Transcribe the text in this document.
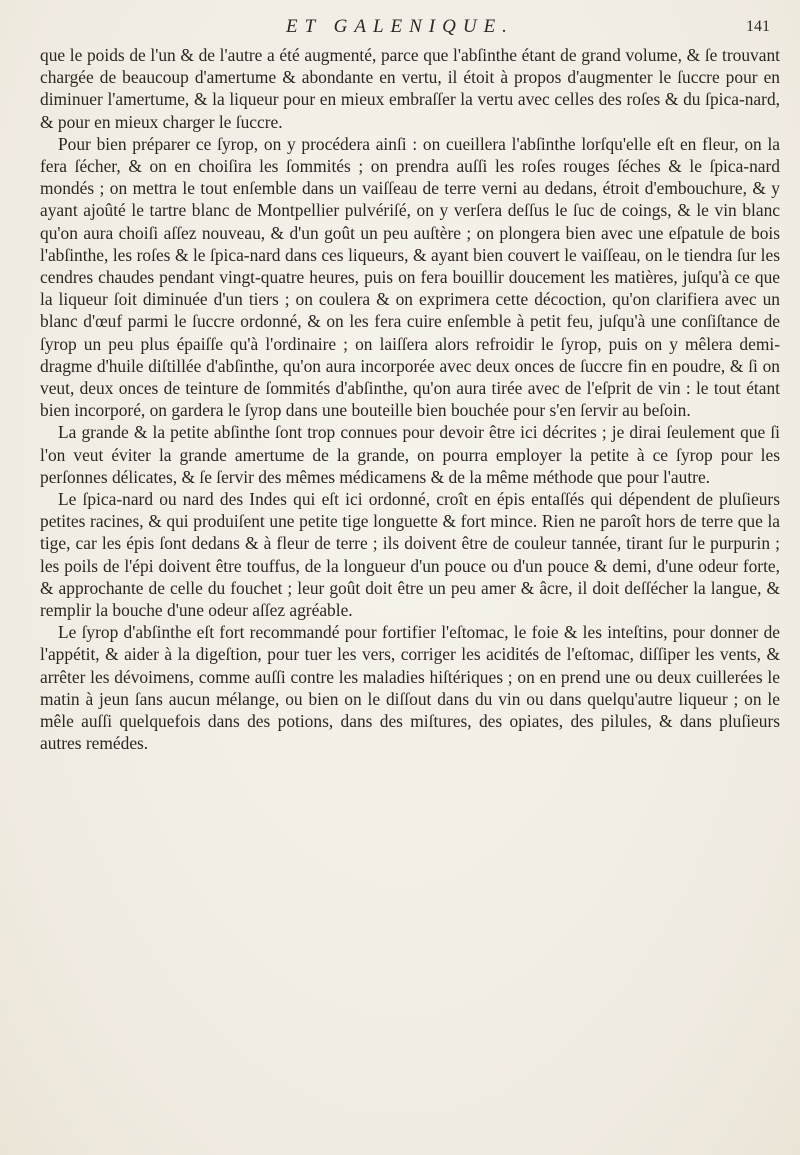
ET GALENIQUE.	141

que le poids de l'un & de l'autre a été augmenté, parce que l'abſinthe étant de grand volume, & ſe trouvant chargée de beaucoup d'amertume & abondante en vertu, il étoit à propos d'augmenter le ſuccre pour en diminuer l'amertume, & la liqueur pour en mieux embraſſer la vertu avec celles des roſes & du ſpica-nard, & pour en mieux charger le ſuccre.

Pour bien préparer ce ſyrop, on y procédera ainſi : on cueillera l'abſinthe lorſqu'elle eſt en fleur, on la fera ſécher, & on en choiſira les ſommités ; on prendra auſſi les roſes rouges ſéches & le ſpica-nard mondés ; on mettra le tout enſemble dans un vaiſſeau de terre verni au dedans, étroit d'embouchure, & y ayant ajoûté le tartre blanc de Montpellier pulvériſé, on y verſera deſſus le ſuc de coings, & le vin blanc qu'on aura choiſi aſſez nouveau, & d'un goût un peu auſtère ; on plongera bien avec une eſpatule de bois l'abſinthe, les roſes & le ſpica-nard dans ces liqueurs, & ayant bien couvert le vaiſſeau, on le tiendra ſur les cendres chaudes pendant vingt-quatre heures, puis on fera bouillir doucement les matières, juſqu'à ce que la liqueur ſoit diminuée d'un tiers ; on coulera & on exprimera cette décoction, qu'on clarifiera avec un blanc d'œuf parmi le ſuccre ordonné, & on les fera cuire enſemble à petit feu, juſqu'à une conſiſtance de ſyrop un peu plus épaiſſe qu'à l'ordinaire ; on laiſſera alors refroidir le ſyrop, puis on y mêlera demi-dragme d'huile diſtillée d'abſinthe, qu'on aura incorporée avec deux onces de ſuccre fin en poudre, & ſi on veut, deux onces de teinture de ſommités d'abſinthe, qu'on aura tirée avec de l'eſprit de vin : le tout étant bien incorporé, on gardera le ſyrop dans une bouteille bien bouchée pour s'en ſervir au beſoin.

La grande & la petite abſinthe ſont trop connues pour devoir être ici décrites ; je dirai ſeulement que ſi l'on veut éviter la grande amertume de la grande, on pourra employer la petite à ce ſyrop pour les perſonnes délicates, & ſe ſervir des mêmes médicamens & de la même méthode que pour l'autre.

Le ſpica-nard ou nard des Indes qui eſt ici ordonné, croît en épis entaſſés qui dépendent de pluſieurs petites racines, & qui produiſent une petite tige longuette & fort mince. Rien ne paroît hors de terre que la tige, car les épis ſont dedans & à fleur de terre ; ils doivent être de couleur tannée, tirant ſur le purpurin ; les poils de l'épi doivent être touffus, de la longueur d'un pouce ou d'un pouce & demi, d'une odeur forte, & approchante de celle du fouchet ; leur goût doit être un peu amer & âcre, il doit deſſécher la langue, & remplir la bouche d'une odeur aſſez agréable.

Le ſyrop d'abſinthe eſt fort recommandé pour fortifier l'eſtomac, le foie & les inteſtins, pour donner de l'appétit, & aider à la digeſtion, pour tuer les vers, corriger les acidités de l'eſtomac, diſſiper les vents, & arrêter les dévoimens, comme auſſi contre les maladies hiſtériques ; on en prend une ou deux cuillerées le matin à jeun ſans aucun mélange, ou bien on le diſſout dans du vin ou dans quelqu'autre liqueur ; on le mêle auſſi quelquefois dans des potions, dans des miſtures, des opiates, des pilules, & dans pluſieurs autres remédes.
